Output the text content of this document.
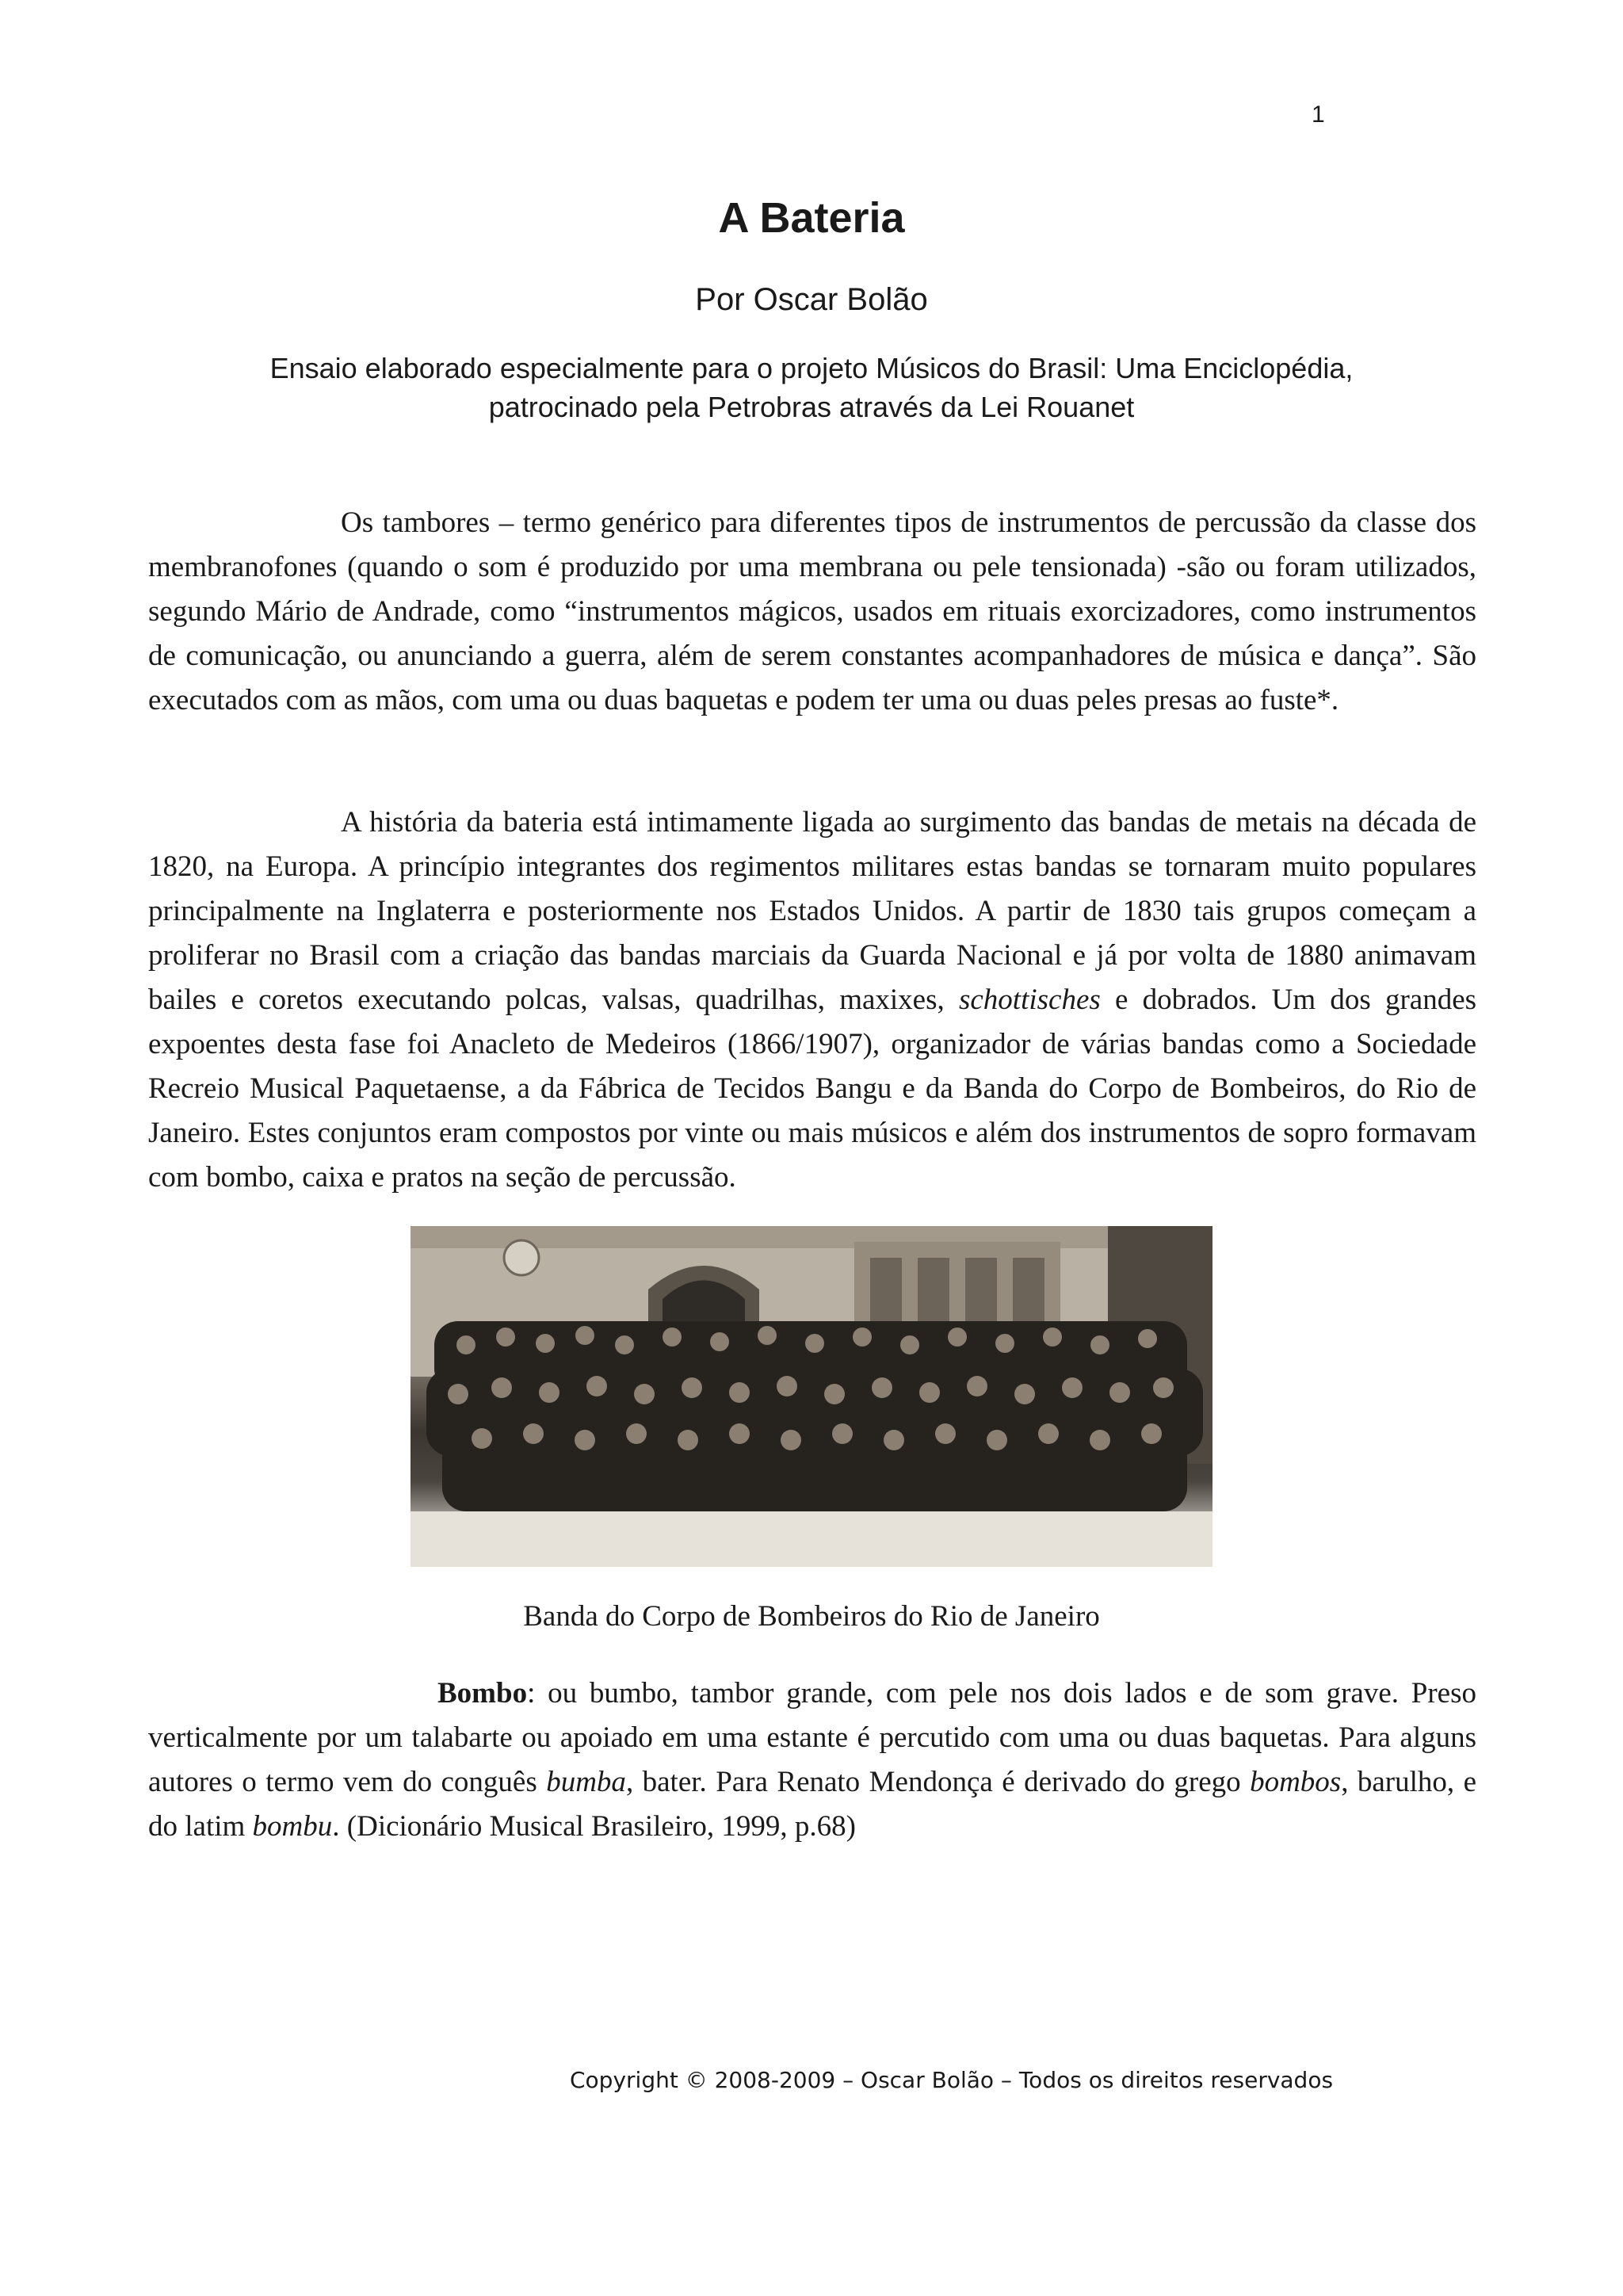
1
A Bateria
Por Oscar Bolão
Ensaio elaborado especialmente para o projeto Músicos do Brasil: Uma Enciclopédia,
patrocinado pela Petrobras através da Lei Rouanet

Os tambores – termo genérico para diferentes tipos de instrumentos de percussão da classe dos membranofones (quando o som é produzido por uma membrana ou pele tensionada) -são ou foram utilizados, segundo Mário de Andrade, como “instrumentos mágicos, usados em rituais exorcizadores, como instrumentos de comunicação, ou anunciando a guerra, além de serem constantes acompanhadores de música e dança”. São executados com as mãos, com uma ou duas baquetas e podem ter uma ou duas peles presas ao fuste*.

A história da bateria está intimamente ligada ao surgimento das bandas de metais na década de 1820, na Europa. A princípio integrantes dos regimentos militares estas bandas se tornaram muito populares principalmente na Inglaterra e posteriormente nos Estados Unidos. A partir de 1830 tais grupos começam a proliferar no Brasil com a criação das bandas marciais da Guarda Nacional e já por volta de 1880 animavam bailes e coretos executando polcas, valsas, quadrilhas, maxixes, schottisches e dobrados. Um dos grandes expoentes desta fase foi Anacleto de Medeiros (1866/1907), organizador de várias bandas como a Sociedade Recreio Musical Paquetaense, a da Fábrica de Tecidos Bangu e da Banda do Corpo de Bombeiros, do Rio de Janeiro. Estes conjuntos eram compostos por vinte ou mais músicos e além dos instrumentos de sopro formavam com bombo, caixa e pratos na seção de percussão.

Banda do Corpo de Bombeiros do Rio de Janeiro

Bombo: ou bumbo, tambor grande, com pele nos dois lados e de som grave. Preso verticalmente por um talabarte ou apoiado em uma estante é percutido com uma ou duas baquetas. Para alguns autores o termo vem do conguês bumba, bater. Para Renato Mendonça é derivado do grego bombos, barulho, e do latim bombu. (Dicionário Musical Brasileiro, 1999, p.68)

Copyright © 2008-2009 – Oscar Bolão – Todos os direitos reservados
